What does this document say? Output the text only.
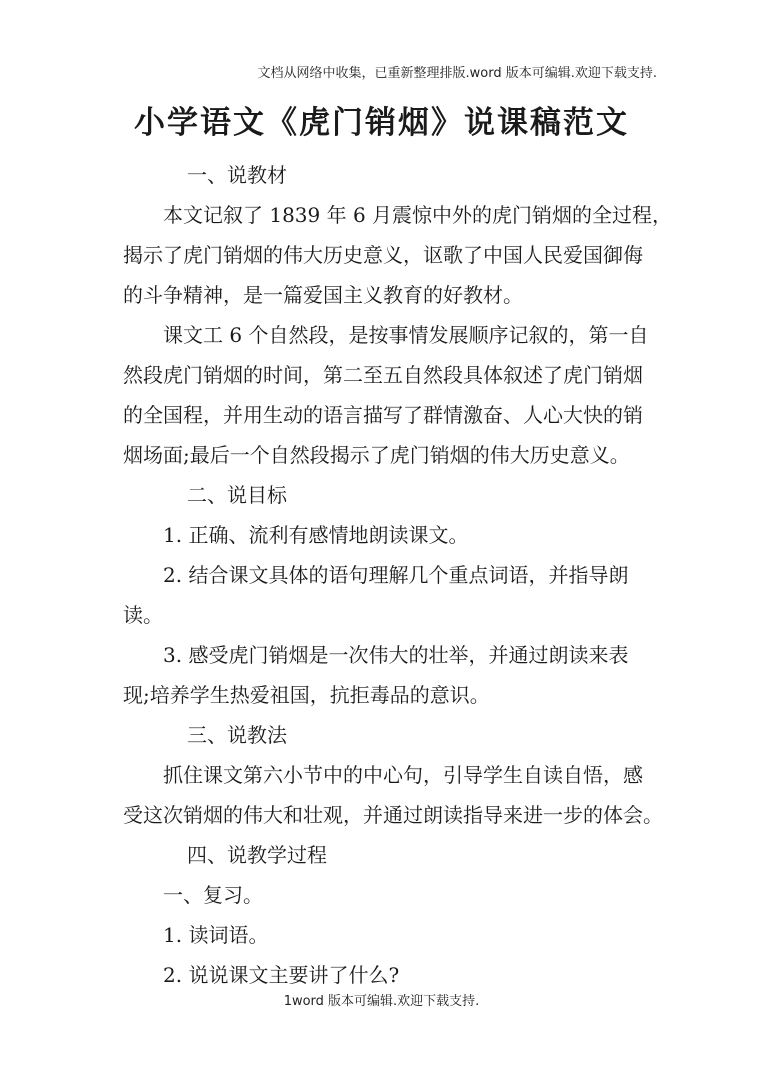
文档从网络中收集，已重新整理排版.word 版本可编辑.欢迎下载支持.
小学语文《虎门销烟》说课稿范文
一、说教材
本文记叙了 1839 年 6 月震惊中外的虎门销烟的全过程，
揭示了虎门销烟的伟大历史意义，讴歌了中国人民爱国御侮
的斗争精神，是一篇爱国主义教育的好教材。
课文工 6 个自然段，是按事情发展顺序记叙的，第一自
然段虎门销烟的时间，第二至五自然段具体叙述了虎门销烟
的全国程，并用生动的语言描写了群情激奋、人心大快的销
烟场面;最后一个自然段揭示了虎门销烟的伟大历史意义。
二、说目标
1. 正确、流利有感情地朗读课文。
2. 结合课文具体的语句理解几个重点词语，并指导朗
读。
3. 感受虎门销烟是一次伟大的壮举，并通过朗读来表
现;培养学生热爱祖国，抗拒毒品的意识。
三、说教法
抓住课文第六小节中的中心句，引导学生自读自悟，感
受这次销烟的伟大和壮观，并通过朗读指导来进一步的体会。
四、说教学过程
一、复习。
1. 读词语。
2. 说说课文主要讲了什么?
1word 版本可编辑.欢迎下载支持.
